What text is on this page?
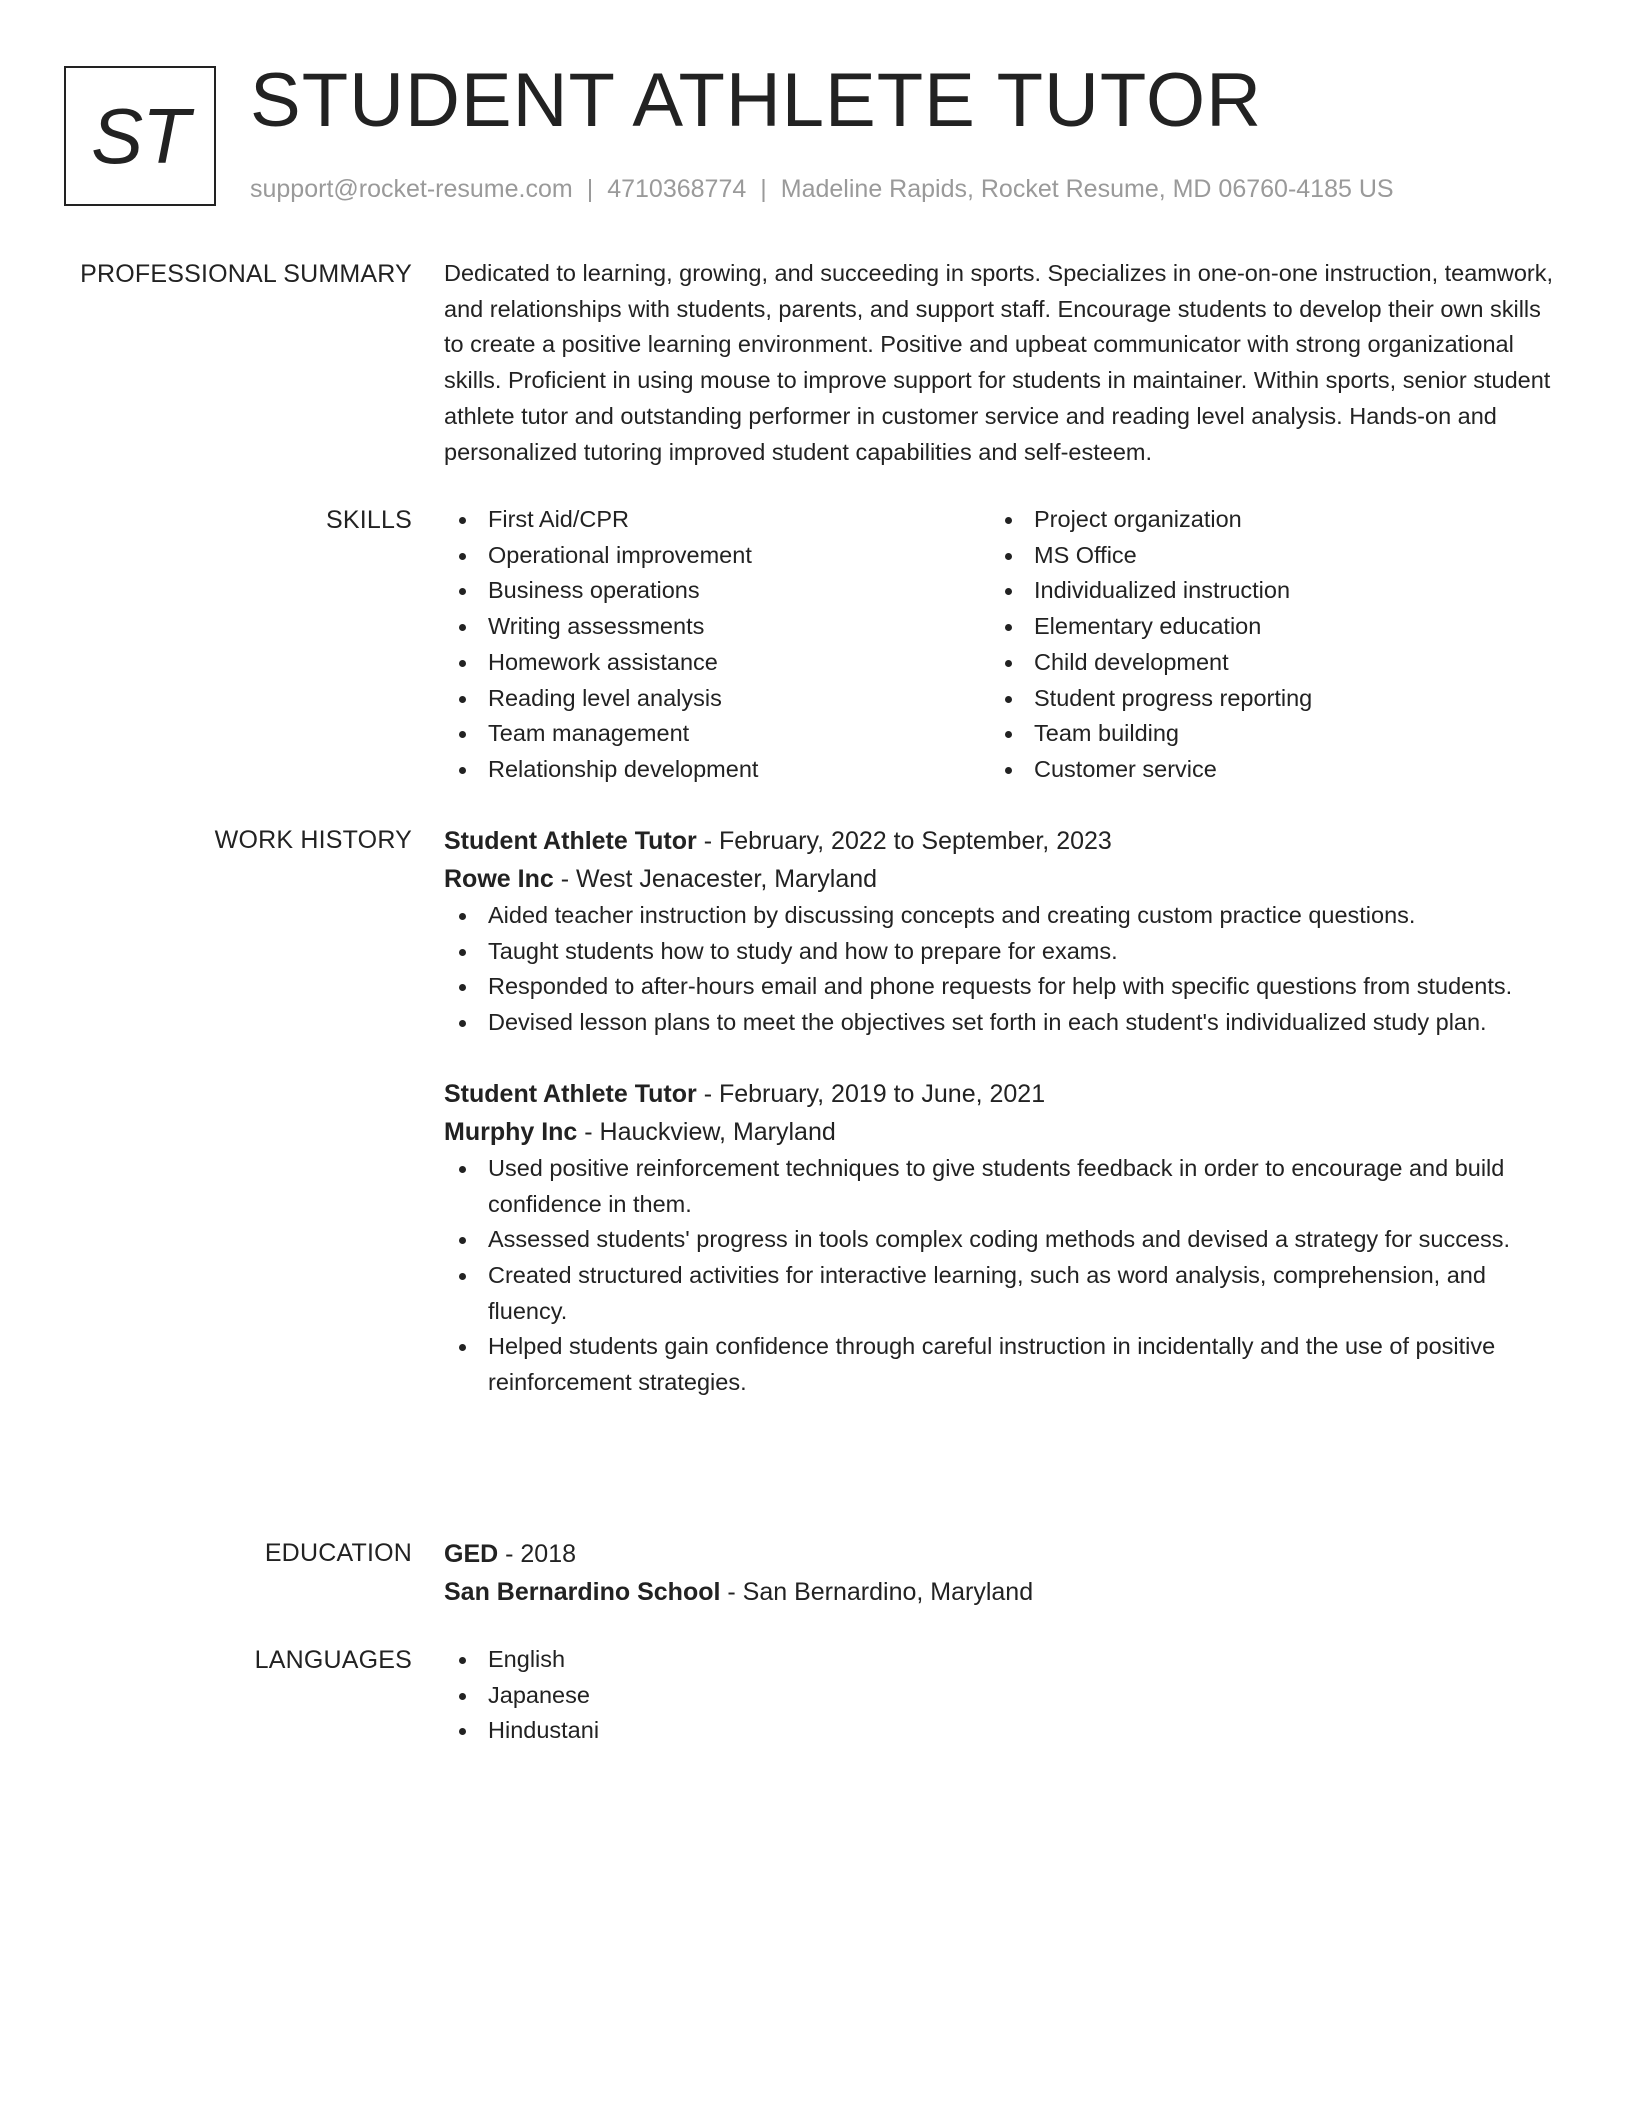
ST STUDENT ATHLETE TUTOR
support@rocket-resume.com | 4710368774 | Madeline Rapids, Rocket Resume, MD 06760-4185 US
PROFESSIONAL SUMMARY Dedicated to learning, growing, and succeeding in sports. Specializes in one-on-one instruction, teamwork, and relationships with students, parents, and support staff. Encourage students to develop their own skills to create a positive learning environment. Positive and upbeat communicator with strong organizational skills. Proficient in using mouse to improve support for students in maintainer. Within sports, senior student athlete tutor and outstanding performer in customer service and reading level analysis. Hands-on and personalized tutoring improved student capabilities and self-esteem.

SKILLS	First Aid/CPR
Operational improvement
Business operations
Writing assessments
Homework assistance
Reading level analysis
Team management
Relationship development
Project organization
MS Office
Individualized instruction
Elementary education
Child development
Student progress reporting
Team building
Customer service
WORK HISTORY Student Athlete Tutor - February, 2022 to September, 2023
Rowe Inc - West Jenacester, Maryland
Aided teacher instruction by discussing concepts and creating custom practice questions.
Taught students how to study and how to prepare for exams.
Responded to after-hours email and phone requests for help with specific questions from students.
Devised lesson plans to meet the objectives set forth in each student's individualized study plan.
Student Athlete Tutor - February, 2019 to June, 2021
Murphy Inc - Hauckview, Maryland
Used positive reinforcement techniques to give students feedback in order to encourage and build confidence in them.
Assessed students' progress in tools complex coding methods and devised a strategy for success.
Created structured activities for interactive learning, such as word analysis, comprehension, and fluency.
Helped students gain confidence through careful instruction in incidentally and the use of positive reinforcement strategies.
EDUCATION GED - 2018
San Bernardino School - San Bernardino, Maryland
LANGUAGES	English
Japanese
Hindustani
